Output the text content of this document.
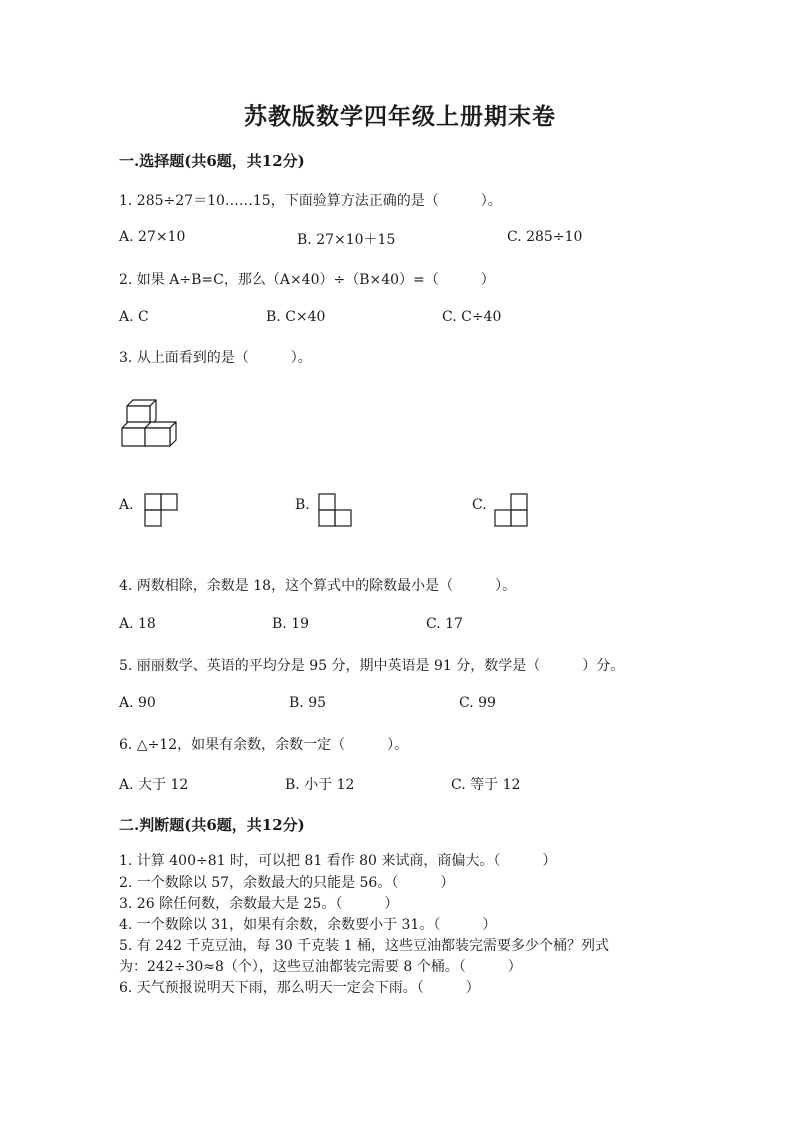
苏教版数学四年级上册期末卷
一.选择题(共6题，共12分)
1. 285÷27＝10……15，下面验算方法正确的是（　　　）。
A. 27×10	B. 27×10＋15	C. 285÷10
2. 如果 A÷B=C，那么（A×40）÷（B×40）=（　　　）
A. C	B. C×40	C. C÷40
3. 从上面看到的是（　　　）。
A.	B.	C.
4. 两数相除，余数是 18，这个算式中的除数最小是（　　　）。
A. 18	B. 19	C. 17
5. 丽丽数学、英语的平均分是 95 分，期中英语是 91 分，数学是（　　　）分。
A. 90	B. 95	C. 99
6. △÷12，如果有余数，余数一定（　　　）。
A. 大于 12	B. 小于 12	C. 等于 12
二.判断题(共6题，共12分)
1. 计算 400÷81 时，可以把 81 看作 80 来试商，商偏大。（　　　）
2. 一个数除以 57，余数最大的只能是 56。（　　　）
3. 26 除任何数，余数最大是 25。（　　　）
4. 一个数除以 31，如果有余数，余数要小于 31。（　　　）
5. 有 242 千克豆油，每 30 千克装 1 桶，这些豆油都装完需要多少个桶？列式
为：242÷30≈8（个），这些豆油都装完需要 8 个桶。（　　　）
6. 天气预报说明天下雨，那么明天一定会下雨。（　　　）
